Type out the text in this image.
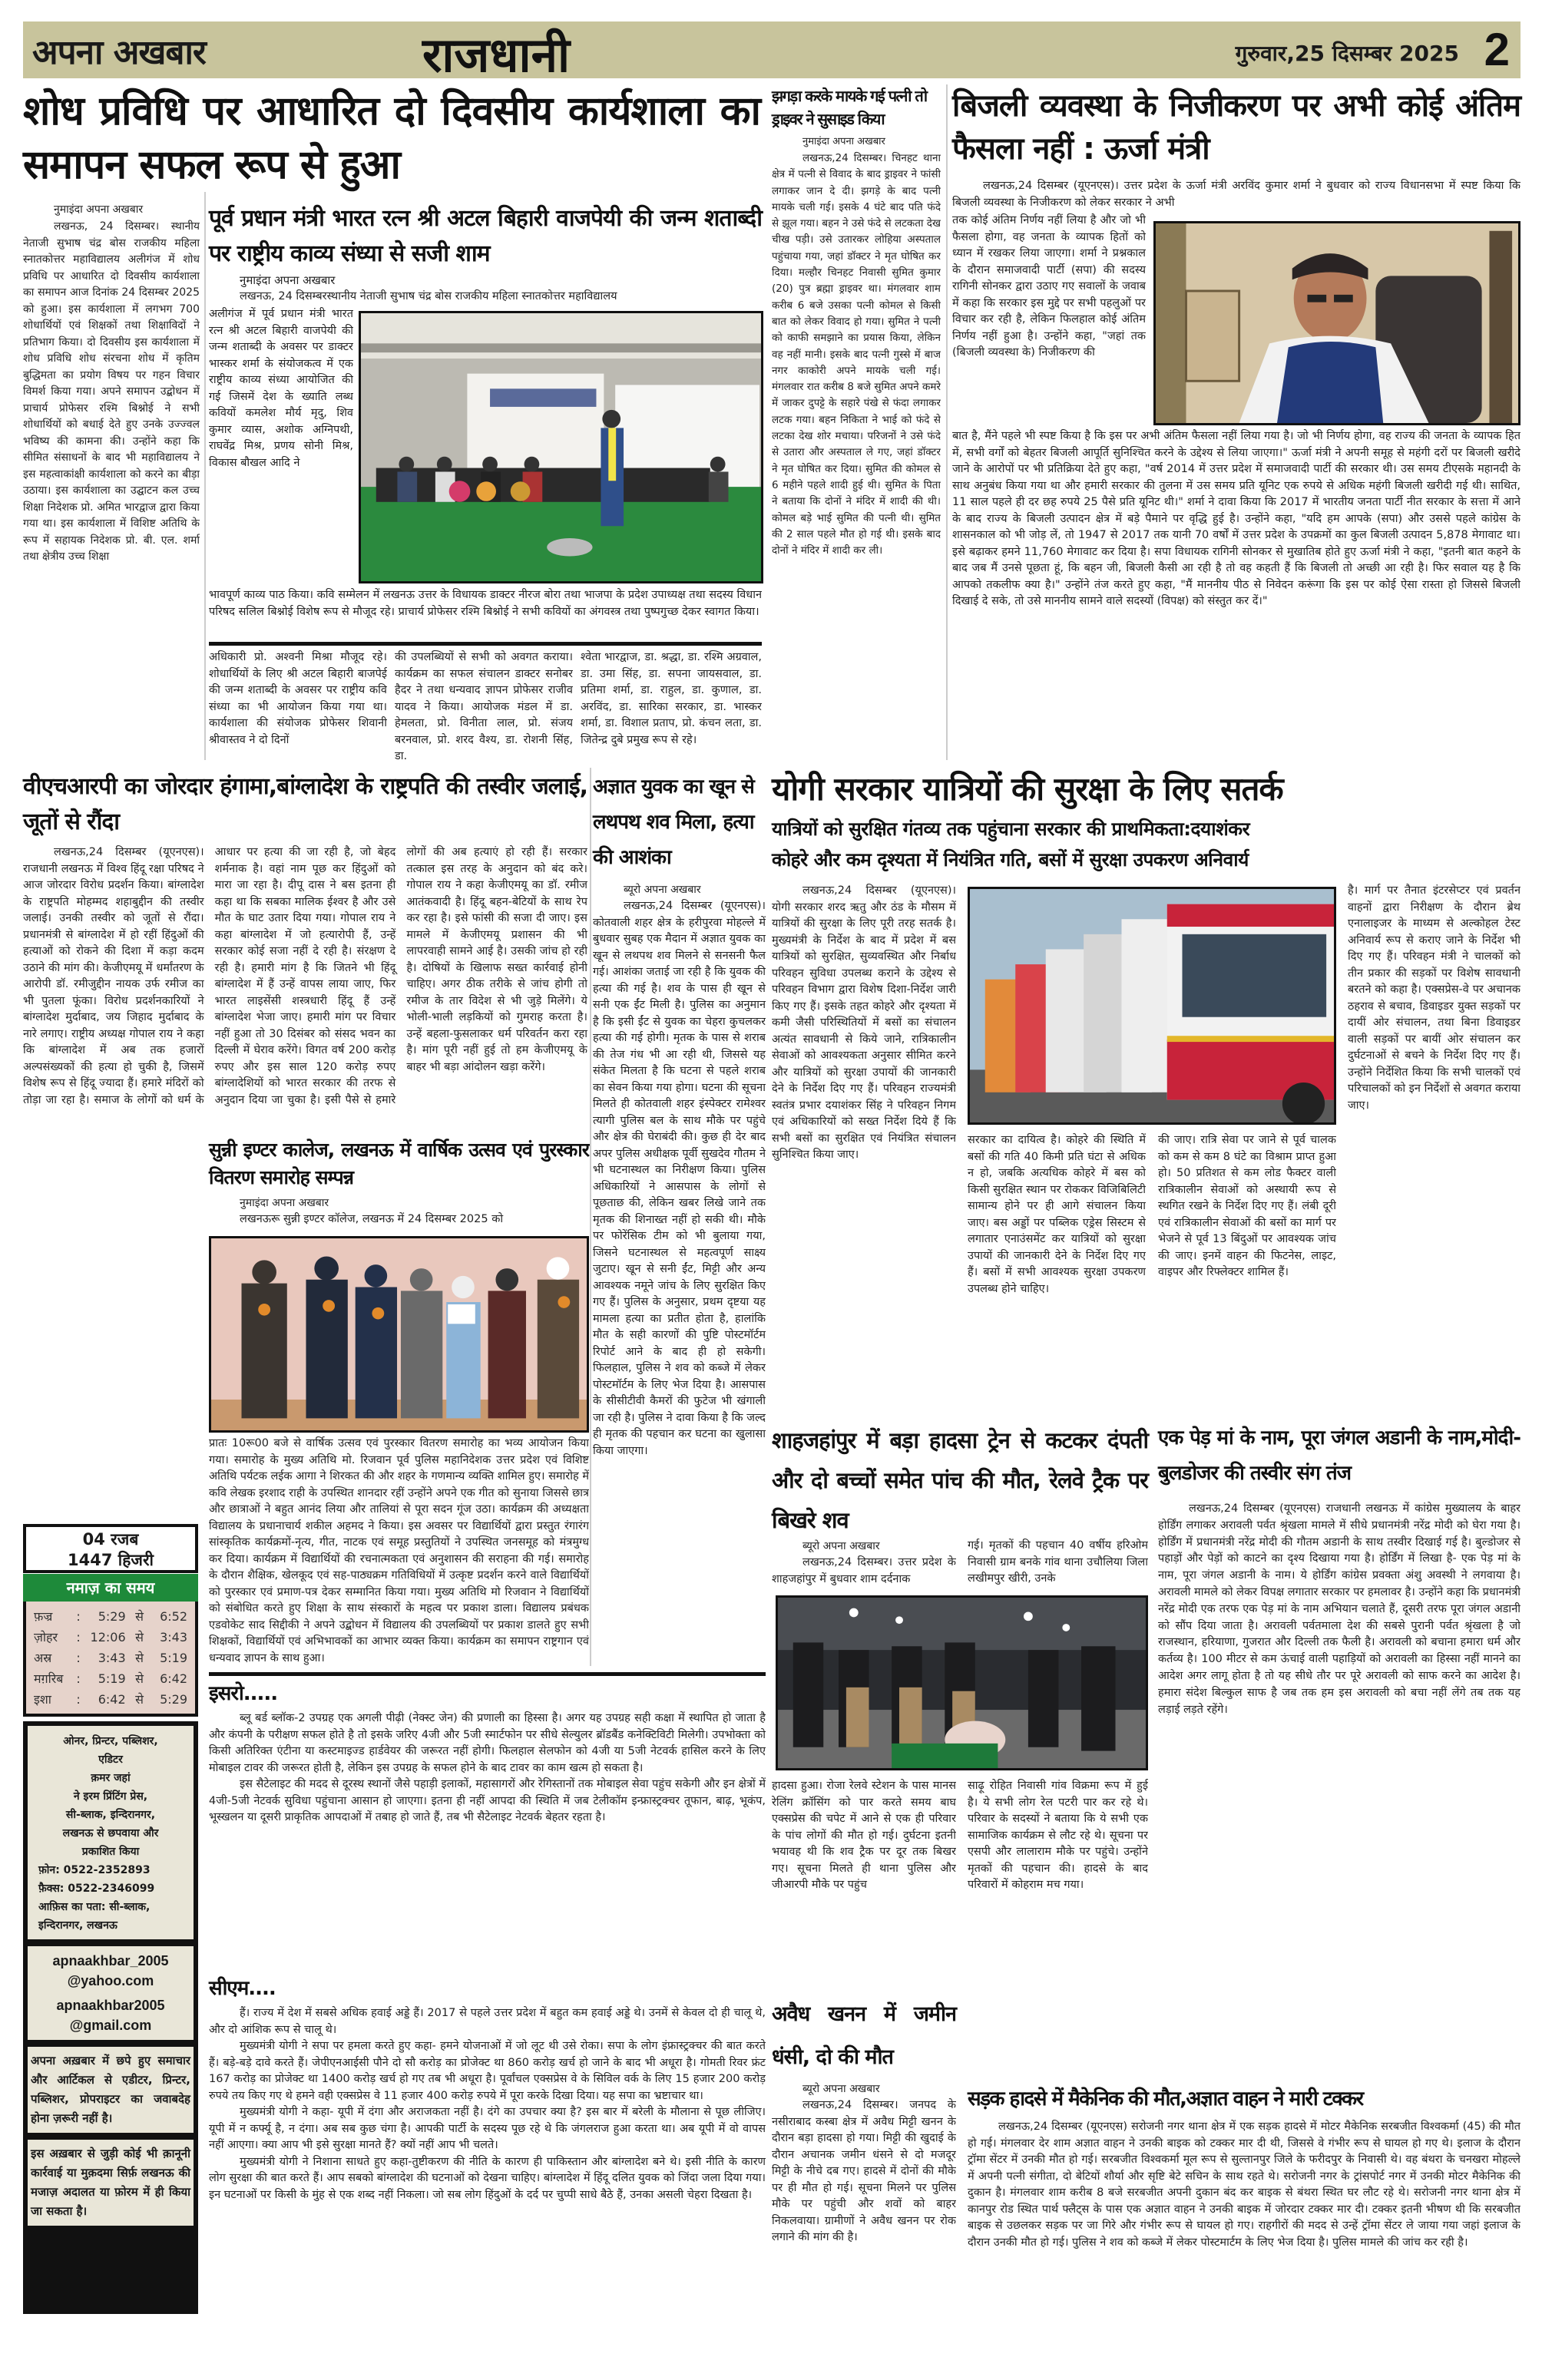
अपना अखबार	राजधानी	गुरुवार,25 दिसम्बर 2025 2
शोध प्रविधि पर आधारित दो दिवसीय कार्यशाला का समापन सफल रूप से हुआ
नुमाइंदा अपना अखबार

लखनऊ, 24 दिसम्बर। स्थानीय नेताजी सुभाष चंद्र बोस राजकीय महिला स्नातकोत्तर महाविद्यालय अलीगंज में शोध प्रविधि पर आधारित दो दिवसीय कार्यशाला का समापन आज दिनांक 24 दिसम्बर 2025 को हुआ। इस कार्यशाला में लगभग 700 शोधार्थियों एवं शिक्षकों तथा शिक्षाविदों ने प्रतिभाग किया। दो दिवसीय इस कार्यशाला में शोध प्रविधि शोध संरचना शोध में कृतिम बुद्धिमता का प्रयोग विषय पर गहन विचार विमर्श किया गया। अपने समापन उद्बोधन में प्राचार्य प्रोफेसर रश्मि बिश्नोई ने सभी शोधार्थियों को बधाई देते हुए उनके उज्ज्वल भविष्य की कामना की। उन्होंने कहा कि सीमित संसाधनों के बाद भी महाविद्यालय ने इस महत्वाकांक्षी कार्यशाला को करने का बीड़ा उठाया। इस कार्यशाला का उद्घाटन कल उच्च शिक्षा निदेशक प्रो. अमित भारद्वाज द्वारा किया गया था। इस कार्यशाला में विशिष्ट अतिथि के रूप में सहायक निदेशक प्रो. बी. एल. शर्मा तथा क्षेत्रीय उच्च शिक्षा

पूर्व प्रधान मंत्री भारत रत्न श्री अटल बिहारी वाजपेयी की जन्म शताब्दी पर राष्ट्रीय काव्य संध्या से सजी शाम
नुमाइंदा अपना अखबार

लखनऊ, 24 दिसम्बरस्थानीय नेताजी सुभाष चंद्र बोस राजकीय महिला स्नातकोत्तर महाविद्यालय

अलीगंज में पूर्व प्रधान मंत्री भारत रत्न श्री अटल बिहारी वाजपेयी की जन्म शताब्दी के अवसर पर डाक्टर भास्कर शर्मा के संयोजकत्व में एक राष्ट्रीय काव्य संध्या आयोजित की गई जिसमें देश के ख्याति लब्ध कवियों कमलेश मौर्य मृदु, शिव कुमार व्यास, अशोक अग्निपथी, राघवेंद्र मिश्र, प्रणय सोनी मिश्र, विकास बौखल आदि ने
भावपूर्ण काव्य पाठ किया। कवि सम्मेलन में लखनऊ उत्तर के विधायक डाक्टर नीरज बोरा तथा भाजपा के प्रदेश उपाध्यक्ष तथा सदस्य विधान परिषद सलिल बिश्नोई विशेष रूप से मौजूद रहे। प्राचार्य प्रोफेसर रश्मि बिश्नोई ने सभी कवियों का अंगवस्त्र तथा पुष्पगुच्छ देकर स्वागत किया।
अधिकारी प्रो. अश्वनी मिश्रा मौजूद रहे। शोधार्थियों के लिए श्री अटल बिहारी बाजपेई की जन्म शताब्दी के अवसर पर राष्ट्रीय कवि संध्या का भी आयोजन किया गया था। कार्यशाला की संयोजक प्रोफेसर शिवानी श्रीवास्तव ने दो दिनों
की उपलब्धियों से सभी को अवगत कराया। कार्यक्रम का सफल संचालन डाक्टर सनोबर हैदर ने तथा धन्यवाद ज्ञापन प्रोफेसर राजीव यादव ने किया। आयोजक मंडल में डा. हेमलता, प्रो. विनीता लाल, प्रो. संजय बरनवाल, प्रो. शरद वैश्य, डा. रोशनी सिंह, डा.
श्वेता भारद्वाज, डा. श्रद्धा, डा. रश्मि अग्रवाल, डा. उमा सिंह, डा. सपना जायसवाल, डा. प्रतिमा शर्मा, डा. राहुल, डा. कुणाल, डा. अरविंद, डा. सारिका सरकार, डा. भास्कर शर्मा, डा. विशाल प्रताप, प्रो. कंचन लता, डा. जितेन्द्र दुबे प्रमुख रूप से रहे।
झगड़ा करके मायके गई पत्नी तो ड्राइवर ने सुसाइड किया
नुमाइंदा अपना अखबार

लखनऊ,24 दिसम्बर। चिनहट थाना क्षेत्र में पत्नी से विवाद के बाद ड्राइवर ने फांसी लगाकर जान दे दी। झगड़े के बाद पत्नी मायके चली गई। इसके 4 घंटे बाद पति फंदे से झूल गया। बहन ने उसे फंदे से लटकता देख चीख पड़ी। उसे उतारकर लोहिया अस्पताल पहुंचाया गया, जहां डॉक्टर ने मृत घोषित कर दिया। मल्हौर चिनहट निवासी सुमित कुमार (20) पुत्र ब्रह्मा ड्राइवर था। मंगलवार शाम करीब 6 बजे उसका पत्नी कोमल से किसी बात को लेकर विवाद हो गया। सुमित ने पत्नी को काफी समझाने का प्रयास किया, लेकिन वह नहीं मानी। इसके बाद पत्नी गुस्से में बाज नगर काकोरी अपने मायके चली गई। मंगलवार रात करीब 8 बजे सुमित अपने कमरे में जाकर दुपट्टे के सहारे पंखे से फंदा लगाकर लटक गया। बहन निकिता ने भाई को फंदे से लटका देख शोर मचाया। परिजनों ने उसे फंदे से उतारा और अस्पताल ले गए, जहां डॉक्टर ने मृत घोषित कर दिया। सुमित की कोमल से 6 महीने पहले शादी हुई थी। सुमित के पिता ने बताया कि दोनों ने मंदिर में शादी की थी। कोमल बड़े भाई सुमित की पत्नी थी। सुमित की 2 साल पहले मौत हो गई थी। इसके बाद दोनों ने मंदिर में शादी कर ली।

बिजली व्यवस्था के निजीकरण पर अभी कोई अंतिम फैसला नहीं : ऊर्जा मंत्री

लखनऊ,24 दिसम्बर (यूएनएस)। उत्तर प्रदेश के ऊर्जा मंत्री अरविंद कुमार शर्मा ने बुधवार को राज्य विधानसभा में स्पष्ट किया कि बिजली व्यवस्था के निजीकरण को लेकर सरकार ने अभी

तक कोई अंतिम निर्णय नहीं लिया है और जो भी फैसला होगा, वह जनता के व्यापक हितों को ध्यान में रखकर लिया जाएगा। शर्मा ने प्रश्नकाल के दौरान समाजवादी पार्टी (सपा) की सदस्य रागिनी सोनकर द्वारा उठाए गए सवालों के जवाब में कहा कि सरकार इस मुद्दे पर सभी पहलुओं पर विचार कर रही है, लेकिन फिलहाल कोई अंतिम निर्णय नहीं हुआ है। उन्होंने कहा, "जहां तक (बिजली व्यवस्था के) निजीकरण की
बात है, मैंने पहले भी स्पष्ट किया है कि इस पर अभी अंतिम फैसला नहीं लिया गया है। जो भी निर्णय होगा, वह राज्य की जनता के व्यापक हित में, सभी वर्गों को बेहतर बिजली आपूर्ति सुनिश्चित करने के उद्देश्य से लिया जाएगा।" ऊर्जा मंत्री ने अपनी समूह से महंगी दरों पर बिजली खरीदे जाने के आरोपों पर भी प्रतिक्रिया देते हुए कहा, "वर्ष 2014 में उत्तर प्रदेश में समाजवादी पार्टी की सरकार थी। उस समय टीएसके महानदी के साथ अनुबंध किया गया था और हमारी सरकार की तुलना में उस समय प्रति यूनिट एक रुपये से अधिक महंगी बिजली खरीदी गई थी। साथित, 11 साल पहले ही दर छह रुपये 25 पैसे प्रति यूनिट थी।" शर्मा ने दावा किया कि 2017 में भारतीय जनता पार्टी नीत सरकार के सत्ता में आने के बाद राज्य के बिजली उत्पादन क्षेत्र में बड़े पैमाने पर वृद्धि हुई है। उन्होंने कहा, "यदि हम आपके (सपा) और उससे पहले कांग्रेस के शासनकाल को भी जोड़ लें, तो 1947 से 2017 तक यानी 70 वर्षों में उत्तर प्रदेश के उपक्रमों का कुल बिजली उत्पादन 5,878 मेगावाट था। इसे बढ़ाकर हमने 11,760 मेगावाट कर दिया है। सपा विधायक रागिनी सोनकर से मुखातिब होते हुए ऊर्जा मंत्री ने कहा, "इतनी बात कहने के बाद जब मैं उनसे पूछता हूं, कि बहन जी, बिजली कैसी आ रही है तो वह कहती हैं कि बिजली तो अच्छी आ रही है। फिर सवाल यह है कि आपको तकलीफ क्या है।" उन्होंने तंज करते हुए कहा, "मैं माननीय पीठ से निवेदन करूंगा कि इस पर कोई ऐसा रास्ता हो जिससे बिजली दिखाई दे सके, तो उसे माननीय सामने वाले सदस्यों (विपक्ष) को संस्तुत कर दें।"
वीएचआरपी का जोरदार हंगामा,बांग्लादेश के राष्ट्रपति की तस्वीर जलाई, जूतों से रौंदा

लखनऊ,24 दिसम्बर (यूएनएस)। राजधानी लखनऊ में विश्व हिंदू रक्षा परिषद ने आज जोरदार विरोध प्रदर्शन किया। बांग्लादेश के राष्ट्रपति मोहम्मद शहाबुद्दीन की तस्वीर जलाई। उनकी तस्वीर को जूतों से रौंदा। प्रधानमंत्री से बांग्लादेश में हो रहीं हिंदुओं की हत्याओं को रोकने की दिशा में कड़ा कदम उठाने की मांग की। केजीएमयू में धर्मांतरण के आरोपी डॉ. रमीजुद्दीन नायक उर्फ रमीज का भी पुतला फूंका। विरोध प्रदर्शनकारियों ने बांग्लादेश मुर्दाबाद, जय जिहाद मुर्दाबाद के नारे लगाए। राष्ट्रीय अध्यक्ष गोपाल राय ने कहा कि बांग्लादेश में अब तक हजारों अल्पसंख्यकों की हत्या हो चुकी है, जिसमें विशेष रूप से हिंदू ज्यादा हैं। हमारे मंदिरों को तोड़ा जा रहा है। समाज के लोगों को धर्म के आधार पर हत्या की जा रही है, जो बेहद शर्मनाक है। वहां नाम पूछ कर हिंदुओं को मारा जा रहा है। दीपू दास ने बस इतना ही कहा था कि सबका मालिक ईश्वर है और उसे मौत के घाट उतार दिया गया। गोपाल राय ने कहा बांग्लादेश में जो हत्यारोपी हैं, उन्हें सरकार कोई सजा नहीं दे रही है। संरक्षण दे रही है। हमारी मांग है कि जितने भी हिंदू बांग्लादेश में हैं उन्हें वापस लाया जाए, फिर भारत लाइसेंसी शस्त्रधारी हिंदू हैं उन्हें बांग्लादेश भेजा जाए। हमारी मांग पर विचार नहीं हुआ तो 30 दिसंबर को संसद भवन का दिल्ली में घेराव करेंगे। विगत वर्ष 200 करोड़ रुपए और इस साल 120 करोड़ रुपए बांग्लादेशियों को भारत सरकार की तरफ से अनुदान दिया जा चुका है। इसी पैसे से हमारे लोगों की अब हत्याएं हो रही हैं। सरकार तत्काल इस तरह के अनुदान को बंद करे। गोपाल राय ने कहा केजीएमयू का डॉ. रमीज आतंकवादी है। हिंदू बहन-बेटियों के साथ रेप कर रहा है। इसे फांसी की सजा दी जाए। इस मामले में केजीएमयू प्रशासन की भी लापरवाही सामने आई है। उसकी जांच हो रही है। दोषियों के खिलाफ सख्त कार्रवाई होनी चाहिए। अगर ठीक तरीके से जांच होगी तो रमीज के तार विदेश से भी जुड़े मिलेंगे। ये भोली-भाली लड़कियों को गुमराह करता है। उन्हें बहला-फुसलाकर धर्म परिवर्तन करा रहा है। मांग पूरी नहीं हुई तो हम केजीएमयू के बाहर भी बड़ा आंदोलन खड़ा करेंगे।

अज्ञात युवक का खून से लथपथ शव मिला, हत्या की आशंका
ब्यूरो अपना अखबार

लखनऊ,24 दिसम्बर (यूएनएस)। कोतवाली शहर क्षेत्र के हरीपुरवा मोहल्ले में बुधवार सुबह एक मैदान में अज्ञात युवक का खून से लथपथ शव मिलने से सनसनी फैल गई। आशंका जताई जा रही है कि युवक की हत्या की गई है। शव के पास ही खून से सनी एक ईंट मिली है। पुलिस का अनुमान है कि इसी ईंट से युवक का चेहरा कुचलकर हत्या की गई होगी। मृतक के पास से शराब की तेज गंध भी आ रही थी, जिससे यह संकेत मिलता है कि घटना से पहले शराब का सेवन किया गया होगा। घटना की सूचना मिलते ही कोतवाली शहर इंस्पेक्टर रामेश्वर त्यागी पुलिस बल के साथ मौके पर पहुंचे और क्षेत्र की घेराबंदी की। कुछ ही देर बाद अपर पुलिस अधीक्षक पूर्वी सुखदेव गौतम ने भी घटनास्थल का निरीक्षण किया। पुलिस अधिकारियों ने आसपास के लोगों से पूछताछ की, लेकिन खबर लिखे जाने तक मृतक की शिनाख्त नहीं हो सकी थी। मौके पर फोरेंसिक टीम को भी बुलाया गया, जिसने घटनास्थल से महत्वपूर्ण साक्ष्य जुटाए। खून से सनी ईंट, मिट्टी और अन्य आवश्यक नमूने जांच के लिए सुरक्षित किए गए हैं। पुलिस के अनुसार, प्रथम दृष्टया यह मामला हत्या का प्रतीत होता है, हालांकि मौत के सही कारणों की पुष्टि पोस्टमॉर्टम रिपोर्ट आने के बाद ही हो सकेगी। फिलहाल, पुलिस ने शव को कब्जे में लेकर पोस्टमॉर्टम के लिए भेज दिया है। आसपास के सीसीटीवी कैमरों की फुटेज भी खंगाली जा रही है। पुलिस ने दावा किया है कि जल्द ही मृतक की पहचान कर घटना का खुलासा किया जाएगा।

सुन्नी इण्टर कालेज, लखनऊ में वार्षिक उत्सव एवं पुरस्कार वितरण समारोह सम्पन्न
नुमाइंदा अपना अखबार

लखनऊरू सुन्नी इण्टर कॉलेज, लखनऊ में 24 दिसम्बर 2025 को

प्रातः 10रू00 बजे से वार्षिक उत्सव एवं पुरस्कार वितरण समारोह का भव्य आयोजन किया गया। समारोह के मुख्य अतिथि मो. रिजवान पूर्व पुलिस महानिदेशक उत्तर प्रदेश एवं विशिष्ट अतिथि पर्यटक लईक आगा ने शिरकत की और शहर के गणमान्य व्यक्ति शामिल हुए। समारोह में कवि लेखक इरशाद राही के उपस्थित शानदार रहीं उन्होंने अपने एक गीत को सुनाया जिससे छात्र और छात्राओं ने बहुत आनंद लिया और तालियां से पूरा सदन गूंज उठा। कार्यक्रम की अध्यक्षता विद्यालय के प्रधानाचार्य शकील अहमद ने किया। इस अवसर पर विद्यार्थियों द्वारा प्रस्तुत रंगारंग सांस्कृतिक कार्यक्रमों-नृत्य, गीत, नाटक एवं समूह प्रस्तुतियों ने उपस्थित जनसमूह को मंत्रमुग्ध कर दिया। कार्यक्रम में विद्यार्थियों की रचनात्मकता एवं अनुशासन की सराहना की गई। समारोह के दौरान शैक्षिक, खेलकूद एवं सह-पाठ्यक्रम गतिविधियों में उत्कृष्ट प्रदर्शन करने वाले विद्यार्थियों को पुरस्कार एवं प्रमाण-पत्र देकर सम्मानित किया गया। मुख्य अतिथि मो रिजवान ने विद्यार्थियों को संबोधित करते हुए शिक्षा के साथ संस्कारों के महत्व पर प्रकाश डाला। विद्यालय प्रबंधक एडवोकेट साद सिद्दीकी ने अपने उद्बोधन में विद्यालय की उपलब्धियों पर प्रकाश डालते हुए सभी शिक्षकों, विद्यार्थियों एवं अभिभावकों का आभार व्यक्त किया। कार्यक्रम का समापन राष्ट्रगान एवं धन्यवाद ज्ञापन के साथ हुआ।
योगी सरकार यात्रियों की सुरक्षा के लिए सतर्क
यात्रियों को सुरक्षित गंतव्य तक पहुंचाना सरकार की प्राथमिकता:दयाशंकर
कोहरे और कम दृश्यता में नियंत्रित गति, बसों में सुरक्षा उपकरण अनिवार्य

लखनऊ,24 दिसम्बर (यूएनएस)। योगी सरकार शरद ऋतु और ठंड के मौसम में यात्रियों की सुरक्षा के लिए पूरी तरह सतर्क है। मुख्यमंत्री के निर्देश के बाद में प्रदेश में बस यात्रियों को सुरक्षित, सुव्यवस्थित और निर्बाध परिवहन सुविधा उपलब्ध कराने के उद्देश्य से परिवहन विभाग द्वारा विशेष दिशा-निर्देश जारी किए गए हैं। इसके तहत कोहरे और दृश्यता में कमी जैसी परिस्थितियों में बसों का संचालन अत्यंत सावधानी से किये जाने, रात्रिकालीन सेवाओं को आवश्यकता अनुसार सीमित करने और यात्रियों को सुरक्षा उपायों की जानकारी देने के निर्देश दिए गए हैं। परिवहन राज्यमंत्री स्वतंत्र प्रभार दयाशंकर सिंह ने परिवहन निगम एवं अधिकारियों को सख्त निर्देश दिये हैं कि सभी बसों का सुरक्षित एवं नियंत्रित संचालन सुनिश्चित किया जाए।

सरकार का दायित्व है। कोहरे की स्थिति में बसों की गति 40 किमी प्रति घंटा से अधिक न हो, जबकि अत्यधिक कोहरे में बस को किसी सुरक्षित स्थान पर रोककर विजिबिलिटी सामान्य होने पर ही आगे संचालन किया जाए। बस अड्डों पर पब्लिक एड्रेस सिस्टम से लगातार एनाउंसमेंट कर यात्रियों को सुरक्षा उपायों की जानकारी देने के निर्देश दिए गए हैं। बसों में सभी आवश्यक सुरक्षा उपकरण उपलब्ध होने चाहिए।
की जाए। रात्रि सेवा पर जाने से पूर्व चालक को कम से कम 8 घंटे का विश्राम प्राप्त हुआ हो। 50 प्रतिशत से कम लोड फैक्टर वाली रात्रिकालीन सेवाओं को अस्थायी रूप से स्थगित रखने के निर्देश दिए गए हैं। लंबी दूरी एवं रात्रिकालीन सेवाओं की बसों का मार्ग पर भेजने से पूर्व 13 बिंदुओं पर आवश्यक जांच की जाए। इनमें वाहन की फिटनेस, लाइट, वाइपर और रिफ्लेक्टर शामिल हैं।
है। मार्ग पर तैनात इंटरसेप्टर एवं प्रवर्तन वाहनों द्वारा निरीक्षण के दौरान ब्रेथ एनालाइजर के माध्यम से अल्कोहल टेस्ट अनिवार्य रूप से कराए जाने के निर्देश भी दिए गए हैं। परिवहन मंत्री ने चालकों को तीन प्रकार की सड़कों पर विशेष सावधानी बरतने को कहा है। एक्सप्रेस-वे पर अचानक ठहराव से बचाव, डिवाइडर युक्त सड़कों पर दायीं ओर संचालन, तथा बिना डिवाइडर वाली सड़कों पर बायीं ओर संचालन कर दुर्घटनाओं से बचने के निर्देश दिए गए हैं। उन्होंने निर्देशित किया कि सभी चालकों एवं परिचालकों को इन निर्देशों से अवगत कराया जाए।
शाहजहांपुर में बड़ा हादसा ट्रेन से कटकर दंपती और दो बच्चों समेत पांच की मौत, रेलवे ट्रैक पर बिखरे शव
ब्यूरो अपना अखबार

लखनऊ,24 दिसम्बर। उत्तर प्रदेश के शाहजहांपुर में बुधवार शाम दर्दनाक

गई। मृतकों की पहचान 40 वर्षीय हरिओम निवासी ग्राम बनके गांव थाना उचौलिया जिला लखीमपुर खीरी, उनके
हादसा हुआ। रोजा रेलवे स्टेशन के पास मानस रेलिंग क्रॉसिंग को पार करते समय बाघ एक्सप्रेस की चपेट में आने से एक ही परिवार के पांच लोगों की मौत हो गई। दुर्घटना इतनी भयावह थी कि शव ट्रैक पर दूर तक बिखर गए। सूचना मिलते ही थाना पुलिस और जीआरपी मौके पर पहुंच
साढ़ू रोहित निवासी गांव विक्रमा रूप में हुई है। ये सभी लोग रेल पटरी पार कर रहे थे। परिवार के सदस्यों ने बताया कि ये सभी एक सामाजिक कार्यक्रम से लौट रहे थे। सूचना पर एसपी और लालाराम मौके पर पहुंचे। उन्होंने मृतकों की पहचान की। हादसे के बाद परिवारों में कोहराम मच गया।
अवैध खनन में जमीन धंसी, दो की मौत
ब्यूरो अपना अखबार

लखनऊ,24 दिसम्बर। जनपद के नसीराबाद कस्बा क्षेत्र में अवैध मिट्टी खनन के दौरान बड़ा हादसा हो गया। मिट्टी की खुदाई के दौरान अचानक जमीन धंसने से दो मजदूर मिट्टी के नीचे दब गए। हादसे में दोनों की मौके पर ही मौत हो गई। सूचना मिलने पर पुलिस मौके पर पहुंची और शवों को बाहर निकलवाया। ग्रामीणों ने अवैध खनन पर रोक लगाने की मांग की है।

एक पेड़ मां के नाम, पूरा जंगल अडानी के नाम,मोदी-बुलडोजर की तस्वीर संग तंज

लखनऊ,24 दिसम्बर (यूएनएस) राजधानी लखनऊ में कांग्रेस मुख्यालय के बाहर होर्डिंग लगाकर अरावली पर्वत श्रृंखला मामले में सीधे प्रधानमंत्री नरेंद्र मोदी को घेरा गया है। होर्डिंग में प्रधानमंत्री नरेंद्र मोदी की गौतम अडानी के साथ तस्वीर दिखाई गई है। बुल्डोजर से पहाड़ों और पेड़ों को काटने का दृश्य दिखाया गया है। होर्डिंग में लिखा है- एक पेड़ मां के नाम, पूरा जंगल अडानी के नाम। ये होर्डिंग कांग्रेस प्रवक्ता अंशु अवस्थी ने लगवाया है। अरावली मामले को लेकर विपक्ष लगातार सरकार पर हमलावर है। उन्होंने कहा कि प्रधानमंत्री नरेंद्र मोदी एक तरफ एक पेड़ मां के नाम अभियान चलाते हैं, दूसरी तरफ पूरा जंगल अडानी को सौंप दिया जाता है। अरावली पर्वतमाला देश की सबसे पुरानी पर्वत श्रृंखला है जो राजस्थान, हरियाणा, गुजरात और दिल्ली तक फैली है। अरावली को बचाना हमारा धर्म और कर्तव्य है। 100 मीटर से कम ऊंचाई वाली पहाड़ियों को अरावली का हिस्सा नहीं मानने का आदेश अगर लागू होता है तो यह सीधे तौर पर पूरे अरावली को साफ करने का आदेश है। हमारा संदेश बिल्कुल साफ है जब तक हम इस अरावली को बचा नहीं लेंगे तब तक यह लड़ाई लड़ते रहेंगे।

सड़क हादसे में मैकेनिक की मौत,अज्ञात वाहन ने मारी टक्कर

लखनऊ,24 दिसम्बर (यूएनएस) सरोजनी नगर थाना क्षेत्र में एक सड़क हादसे में मोटर मैकेनिक सरबजीत विश्वकर्मा (45) की मौत हो गई। मंगलवार देर शाम अज्ञात वाहन ने उनकी बाइक को टक्कर मार दी थी, जिससे वे गंभीर रूप से घायल हो गए थे। इलाज के दौरान ट्रॉमा सेंटर में उनकी मौत हो गई। सरबजीत विश्वकर्मा मूल रूप से सुल्तानपुर जिले के फरीदपुर के निवासी थे। वह बंथरा के चनखरा मोहल्ले में अपनी पत्नी संगीता, दो बेटियों शौर्या और सृष्टि बेटे सचिन के साथ रहते थे। सरोजनी नगर के ट्रांसपोर्ट नगर में उनकी मोटर मैकेनिक की दुकान है। मंगलवार शाम करीब 8 बजे सरबजीत अपनी दुकान बंद कर बाइक से बंथरा स्थित घर लौट रहे थे। सरोजनी नगर थाना क्षेत्र में कानपुर रोड स्थित पार्थ फ्लैट्स के पास एक अज्ञात वाहन ने उनकी बाइक में जोरदार टक्कर मार दी। टक्कर इतनी भीषण थी कि सरबजीत बाइक से उछलकर सड़क पर जा गिरे और गंभीर रूप से घायल हो गए। राहगीरों की मदद से उन्हें ट्रॉमा सेंटर ले जाया गया जहां इलाज के दौरान उनकी मौत हो गई। पुलिस ने शव को कब्जे में लेकर पोस्टमार्टम के लिए भेज दिया है। पुलिस मामले की जांच कर रही है।

इसरो.....

ब्लू बर्ड ब्लॉक-2 उपग्रह एक अगली पीढ़ी (नेक्स्ट जेन) की प्रणाली का हिस्सा है। अगर यह उपग्रह सही कक्षा में स्थापित हो जाता है और कंपनी के परीक्षण सफल होते है तो इसके जरिए 4जी और 5जी स्मार्टफोन पर सीधे सेल्युलर ब्रॉडबैंड कनेक्टिविटी मिलेगी। उपभोक्ता को किसी अतिरिक्त एंटीना या कस्टमाइज्ड हार्डवेयर की जरूरत नहीं होगी। फिलहाल सेलफोन को 4जी या 5जी नेटवर्क हासिल करने के लिए मोबाइल टावर की जरूरत होती है, लेकिन इस उपग्रह के सफल होने के बाद टावर का काम खत्म हो सकता है।

इस सैटेलाइट की मदद से दूरस्थ स्थानों जैसे पहाड़ी इलाकों, महासागरों और रेगिस्तानों तक मोबाइल सेवा पहुंच सकेगी और इन क्षेत्रों में 4जी-5जी नेटवर्क सुविधा पहुंचाना आसान हो जाएगा। इतना ही नहीं आपदा की स्थिति में जब टेलीकॉम इन्फ्रास्ट्रक्चर तूफान, बाढ़, भूकंप, भूस्खलन या दूसरी प्राकृतिक आपदाओं में तबाह हो जाते हैं, तब भी सैटेलाइट नेटवर्क बेहतर रहता है।

सीएम....

हैं। राज्य में देश में सबसे अधिक हवाई अड्डे हैं। 2017 से पहले उत्तर प्रदेश में बहुत कम हवाई अड्डे थे। उनमें से केवल दो ही चालू थे, और दो आंशिक रूप से चालू थे।

मुख्यमंत्री योगी ने सपा पर हमला करते हुए कहा- हमने योजनाओं में जो लूट थी उसे रोका। सपा के लोग इंफ्रास्ट्रक्चर की बात करते हैं। बड़े-बड़े दावे करते हैं। जेपीएनआईसी पौने दो सौ करोड़ का प्रोजेक्ट था 860 करोड़ खर्च हो जाने के बाद भी अधूरा है। गोमती रिवर फ्रंट 167 करोड़ का प्रोजेक्ट था 1400 करोड़ खर्च हो गए तब भी अधूरा है। पूर्वांचल एक्सप्रेस वे के सिविल वर्क के लिए 15 हजार 200 करोड़ रुपये तय किए गए थे हमने वही एक्सप्रेस वे 11 हजार 400 करोड़ रुपये में पूरा करके दिखा दिया। यह सपा का भ्रष्टाचार था।

मुख्यमंत्री योगी ने कहा- यूपी में दंगा और अराजकता नहीं है। दंगे का उपचार क्या है? इस बार में बरेली के मौलाना से पूछ लीजिए। यूपी में न कर्फ्यू है, न दंगा। अब सब कुछ चंगा है। आपकी पार्टी के सदस्य पूछ रहे थे कि जंगलराज हुआ करता था। अब यूपी में वो वापस नहीं आएगा। क्या आप भी इसे सुरक्षा मानते हैं? क्यों नहीं आप भी चलते।

मुख्यमंत्री योगी ने निशाना साधते हुए कहा-तुष्टीकरण की नीति के कारण ही पाकिस्तान और बांग्लादेश बने थे। इसी नीति के कारण लोग सुरक्षा की बात करते हैं। आप सबको बांग्लादेश की घटनाओं को देखना चाहिए। बांग्लादेश में हिंदू दलित युवक को जिंदा जला दिया गया। इन घटनाओं पर किसी के मुंह से एक शब्द नहीं निकला। जो सब लोग हिंदुओं के दर्द पर चुप्पी साधे बैठे हैं, उनका असली चेहरा दिखता है।

04 रजब
1447 हिजरी
नमाज़ का समय
फ़ज्र	:	5:29 से	6:52
ज़ोहर	: 12:06 से	3:43
अस्र	:	3:43 से	5:19
मग़रिब	:	5:19 से	6:42
इशा	:	6:42 से	5:29
ओनर, प्रिन्टर, पब्लिशर,
एडिटर
क़मर जहां
ने इरम प्रिंटिंग प्रेस,
सी-ब्लाक, इन्दिरानगर,
लखनऊ से छपवाया और
प्रकाशित किया
फ़ोन: 0522-2352893
फ़ैक्स: 0522-2346099
आफ़िस का पता: सी-ब्लाक, इन्दिरानगर, लखनऊ
apnaakhbar_2005 @yahoo.com
apnaakhbar2005 @gmail.com
अपना अख़बार में छपे हुए समाचार और आर्टिकल से एडीटर, प्रिन्टर, पब्लिशर, प्रोपराइटर का जवाबदेह होना ज़रूरी नहीं है।
इस अख़बार से जुड़ी कोई भी क़ानूनी कार्रवाई या मुक़दमा सिर्फ़ लखनऊ की मजाज़ अदालत या फ़ोरम में ही किया जा सकता है।
